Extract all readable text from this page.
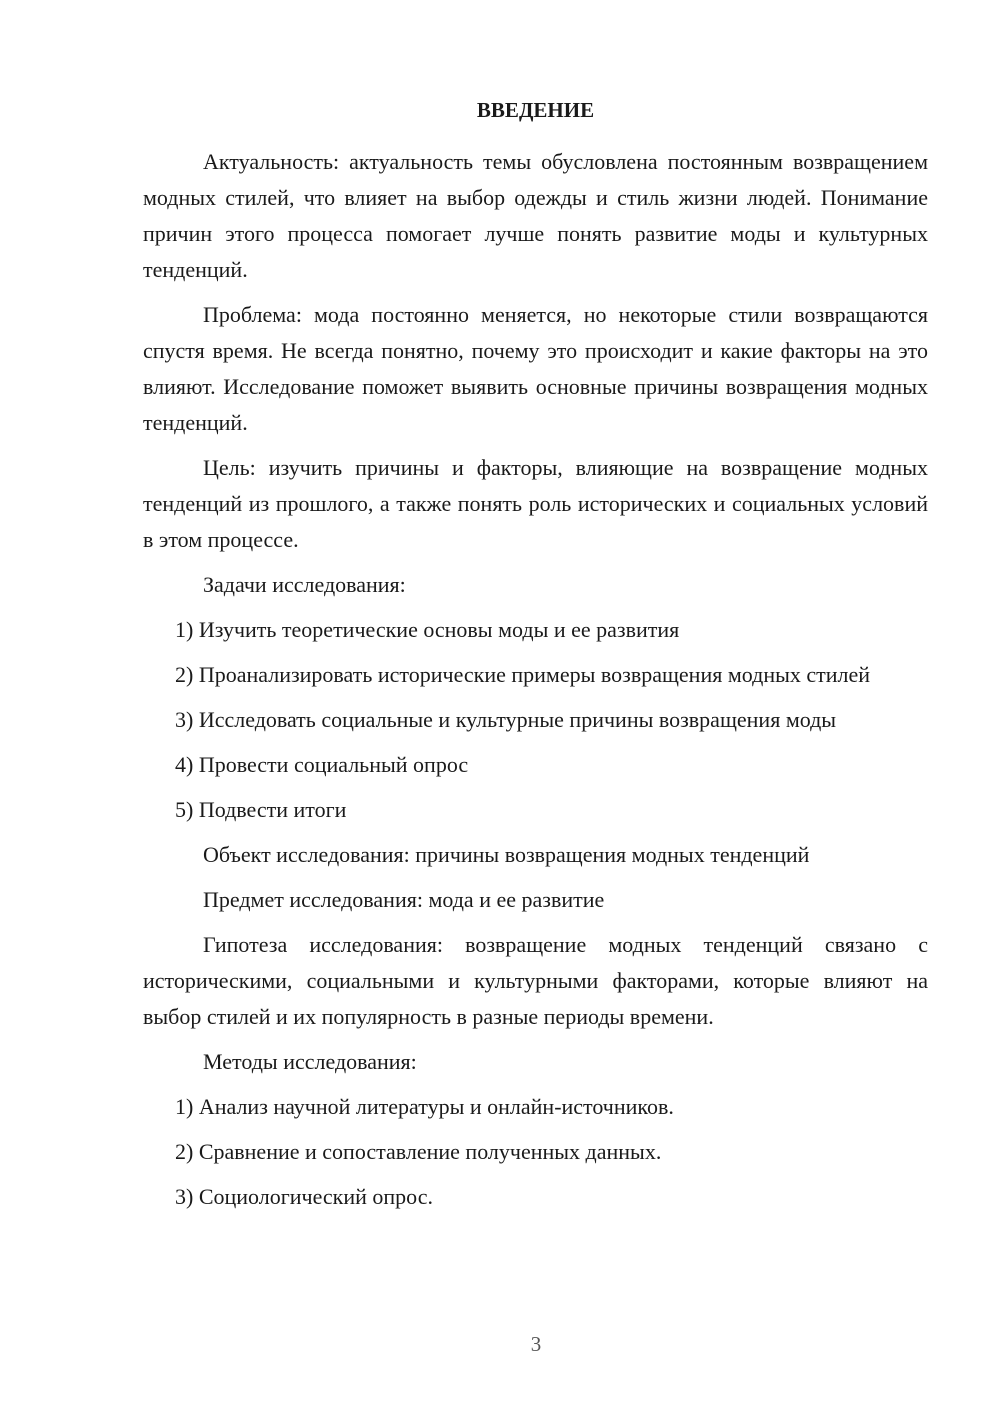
ВВЕДЕНИЕ

Актуальность: актуальность темы обусловлена постоянным возвращением модных стилей, что влияет на выбор одежды и стиль жизни людей. Понимание причин этого процесса помогает лучше понять развитие моды и культурных тенденций.

Проблема: мода постоянно меняется, но некоторые стили возвращаются спустя время. Не всегда понятно, почему это происходит и какие факторы на это влияют. Исследование поможет выявить основные причины возвращения модных тенденций.

Цель: изучить причины и факторы, влияющие на возвращение модных тенденций из прошлого, а также понять роль исторических и социальных условий в этом процессе.

Задачи исследования:

1) Изучить теоретические основы моды и ее развития

2) Проанализировать исторические примеры возвращения модных стилей

3) Исследовать социальные и культурные причины возвращения моды

4) Провести социальный опрос

5) Подвести итоги

Объект исследования: причины возвращения модных тенденций

Предмет исследования: мода и ее развитие

Гипотеза исследования: возвращение модных тенденций связано с историческими, социальными и культурными факторами, которые влияют на выбор стилей и их популярность в разные периоды времени.

Методы исследования:

1) Анализ научной литературы и онлайн-источников.

2) Сравнение и сопоставление полученных данных.

3) Социологический опрос.

3
